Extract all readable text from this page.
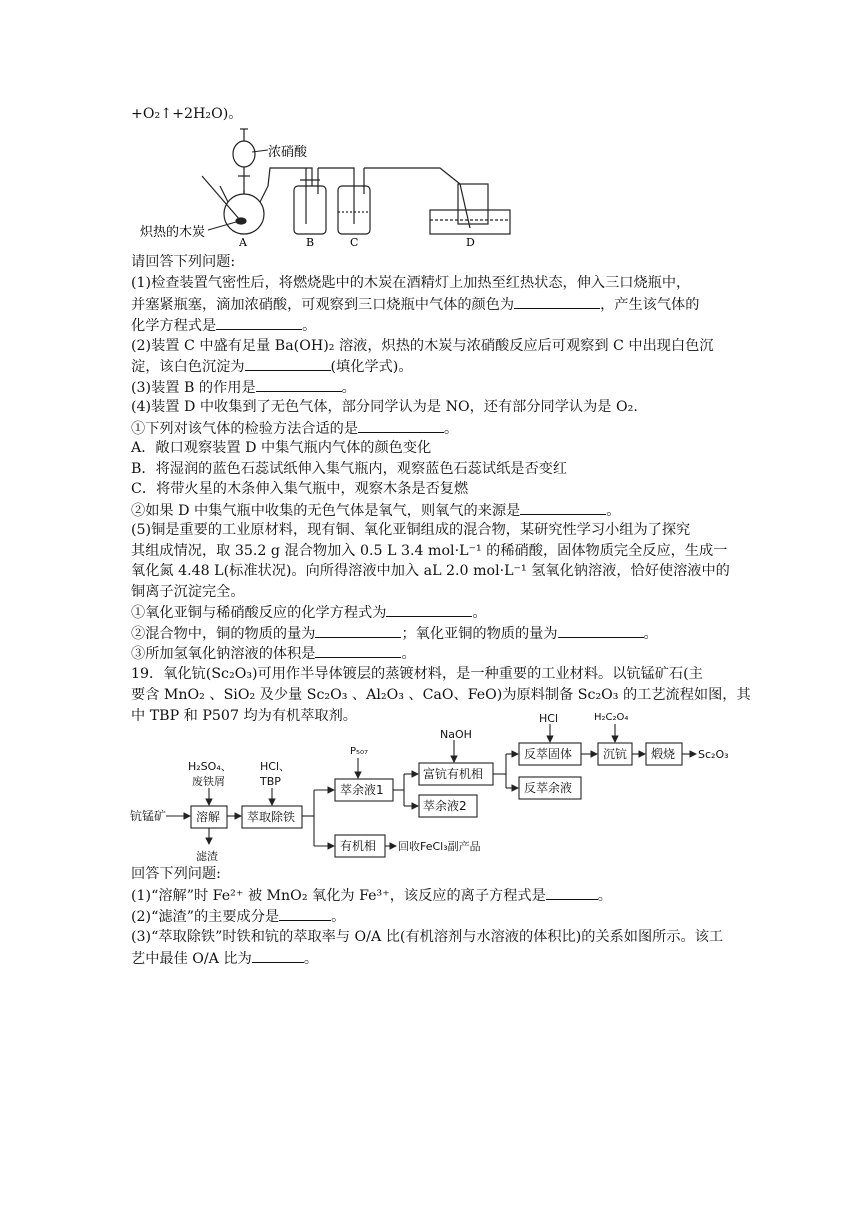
+O₂↑+2H₂O)。
浓硝酸
炽热的木炭
A	B	C	D
请回答下列问题:
(1)检查装置气密性后，将燃烧匙中的木炭在酒精灯上加热至红热状态，伸入三口烧瓶中，
并塞紧瓶塞，滴加浓硝酸，可观察到三口烧瓶中气体的颜色为	，产生该气体的
化学方程式是	。
(2)装置 C 中盛有足量 Ba(OH)₂ 溶液，炽热的木炭与浓硝酸反应后可观察到 C 中出现白色沉
淀，该白色沉淀为	(填化学式)。
(3)装置 B 的作用是	。
(4)装置 D 中收集到了无色气体，部分同学认为是 NO，还有部分同学认为是 O₂.
①下列对该气体的检验方法合适的是	。
A．敞口观察装置 D 中集气瓶内气体的颜色变化
B．将湿润的蓝色石蕊试纸伸入集气瓶内，观察蓝色石蕊试纸是否变红
C．将带火星的木条伸入集气瓶中，观察木条是否复燃
②如果 D 中集气瓶中收集的无色气体是氧气，则氧气的来源是	。
(5)铜是重要的工业原材料，现有铜、氧化亚铜组成的混合物，某研究性学习小组为了探究
其组成情况，取 35.2 g 混合物加入 0.5 L 3.4 mol·L⁻¹ 的稀硝酸，固体物质完全反应，生成一
氧化氮 4.48 L(标准状况)。向所得溶液中加入 aL 2.0 mol·L⁻¹ 氢氧化钠溶液，恰好使溶液中的
铜离子沉淀完全。
①氧化亚铜与稀硝酸反应的化学方程式为	。
②混合物中，铜的物质的量为	；氧化亚铜的物质的量为	。
③所加氢氧化钠溶液的体积是	。
19．氧化钪(Sc₂O₃)可用作半导体镀层的蒸镀材料，是一种重要的工业材料。以钪锰矿石(主
要含 MnO₂ 、SiO₂ 及少量 Sc₂O₃ 、Al₂O₃ 、CaO、FeO)为原料制备 Sc₂O₃ 的工艺流程如图，其
中 TBP 和 P507 均为有机萃取剂。
钪锰矿
H₂SO₄、
废铁屑
溶解
滤渣
HCl、
TBP
萃取除铁
P₅₀₇
萃余液1
有机相 回收FeCl₃副产品
NaOH
富钪有机相
萃余液2
HCl
反萃固体
反萃余液
H₂C₂O₄
沉钪 煅烧 Sc₂O₃
回答下列问题:
(1)“溶解”时 Fe²⁺ 被 MnO₂ 氧化为 Fe³⁺，该反应的离子方程式是	。
(2)“滤渣”的主要成分是	。
(3)“萃取除铁”时铁和钪的萃取率与 O/A 比(有机溶剂与水溶液的体积比)的关系如图所示。该工
艺中最佳 O/A 比为	。
